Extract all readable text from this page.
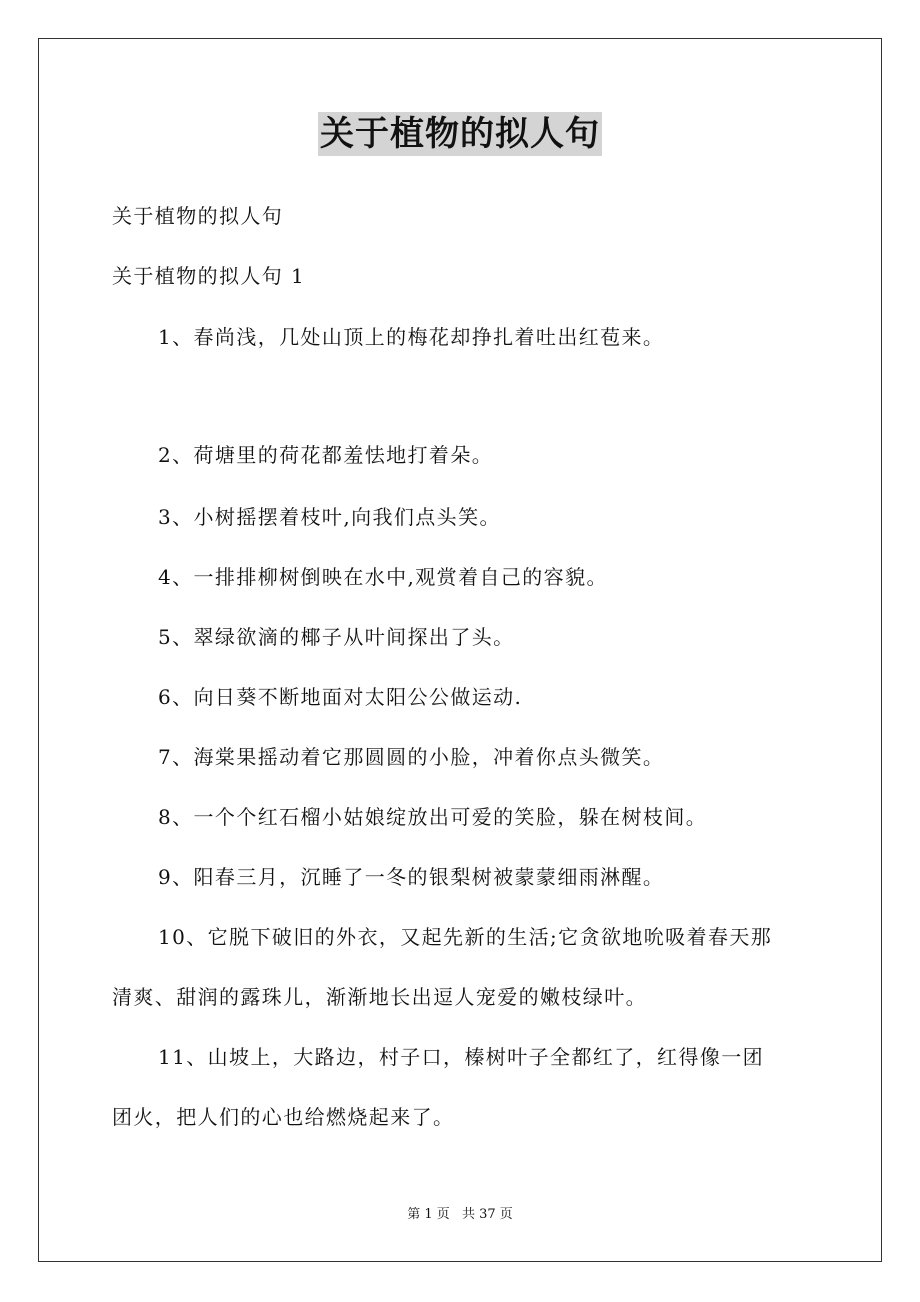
关于植物的拟人句
关于植物的拟人句
关于植物的拟人句 1
1、春尚浅，几处山顶上的梅花却挣扎着吐出红苞来。
2、荷塘里的荷花都羞怯地打着朵。
3、小树摇摆着枝叶,向我们点头笑。
4、一排排柳树倒映在水中,观赏着自己的容貌。
5、翠绿欲滴的椰子从叶间探出了头。
6、向日葵不断地面对太阳公公做运动.
7、海棠果摇动着它那圆圆的小脸，冲着你点头微笑。
8、一个个红石榴小姑娘绽放出可爱的笑脸，躲在树枝间。
9、阳春三月，沉睡了一冬的银梨树被蒙蒙细雨淋醒。
10、它脱下破旧的外衣，又起先新的生活;它贪欲地吮吸着春天那
清爽、甜润的露珠儿，渐渐地长出逗人宠爱的嫩枝绿叶。
11、山坡上，大路边，村子口，榛树叶子全都红了，红得像一团
团火，把人们的心也给燃烧起来了。
第 1 页 共 37 页
